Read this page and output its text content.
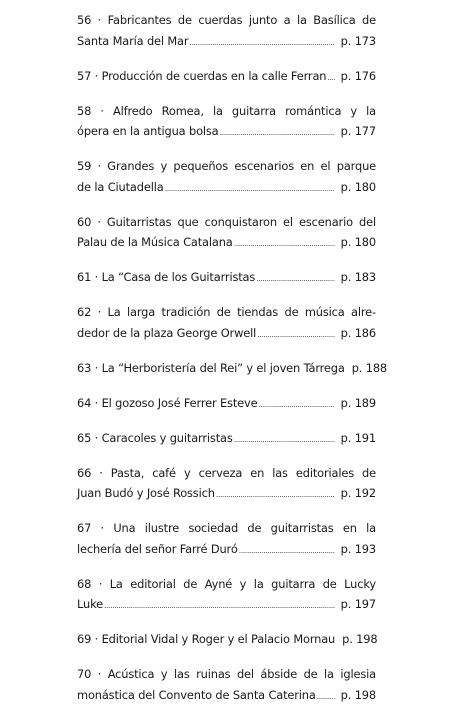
56 · Fabricantes de cuerdas junto a la Basílica de
Santa María del Mar .....	p. 173
57 · Producción de cuerdas en la calle Ferran .....	p. 176
58 · Alfredo Romea, la guitarra romántica y la
ópera en la antigua bolsa .....	p. 177
59 · Grandes y pequeños escenarios en el parque
de la Ciutadella .....	p. 180
60 · Guitarristas que conquistaron el escenario del
Palau de la Música Catalana .....	p. 180
61 · La “Casa de los Guitarristas .....	p. 183
62 · La larga tradición de tiendas de música alre-
dedor de la plaza George Orwell .....	p. 186
63 · La “Herboristería del Rei” y el joven Tárrega p. 188
64 · El gozoso José Ferrer Esteve .....	p. 189
65 · Caracoles y guitarristas .....	p. 191
66 · Pasta, café y cerveza en las editoriales de
Juan Budó y José Rossich .....	p. 192
67 · Una ilustre sociedad de guitarristas en la
lechería del señor Farré Duró .....	p. 193
68 · La editorial de Ayné y la guitarra de Lucky
Luke .....	p. 197
69 · Editorial Vidal y Roger y el Palacio Mornau p. 198
70 · Acústica y las ruinas del ábside de la iglesia
monástica del Convento de Santa Caterina .....	p. 198
